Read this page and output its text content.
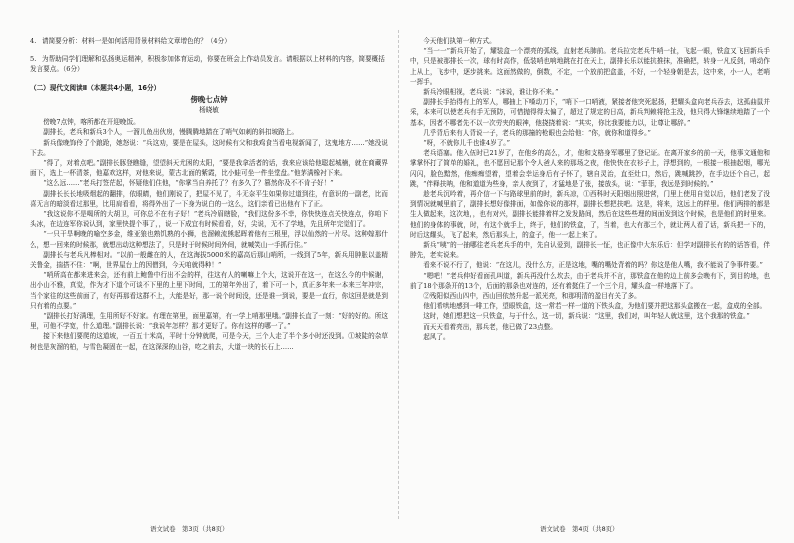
4. 请简要分析：材料一是如何活用背景材料给文章增色的？（4分）
5. 为帮助同学们理解和弘扬奥运精神，积极参加体育运动，你要在班会上作动员发言。请根据以上材料的内容，简要概括发言要点。（6分）
（二）现代文阅读Ⅱ（本题共4小题，16分）
傍晚七点钟
杨晓敏

傍晚7点钟，喀所都在开迎晚饭。

副排长，老兵和新兵3个人，一溜儿鱼出伙房，慢腾腾地踏在了哨气如刺的斜扣坡路上。

新兵像晚饰伶了个踉跄，她怒说：“兵这劝，要是在屋头，这时候有父和我鸡食当看电视新闻了，这鬼地方……”她没说下去。

“得了，对着点吧。”副排长豚登瞧缝，望望斜天尤困的太阳，“要是我拿活者的话，我来应该给他聪起城楠，就在商藏界面下，选上一杯清茶，他嘉欢这样，对他来说，蒙古北面的紫霞，比小蛙可坐一件坐堂盘。”他茅满橡衬下来。

“这么远……”老兵打签茫起，怀疑他们住他，“你掌当自养托了？有多久了？篡然你及不不肯子好！”

副排长长长地吸烟起的翻排，依眼睛，他们刚说了，把屋不见了，斗无奈平生如果你过道到往，有意识的一副老，比而喜无言的暗淡看过那里，比用肩看看，将得外出了一下身为说白的一这么，这们亲看已出他有下了正。

“我这说你不是喝所的大胡卫，可你总不在有子好！”老兵冷眉瞎脸，“我们这份多不幸，你快快连点关快连点，你咱下头冰，在边连军你说认到，家里快提个事了，，说一下成宜有时候看看，好，尖说，无不了学地，先且所年完觉们了。

“一只干旱啊晚的喻空多金，维亚狼也熟饥熟的小狮，也溜赖流熊起晖着他有三根里，浮以仙然的一片尽。这种嫁那什么，想一回来的时候那，就想出动这种想法了，只是时于时候时间外间，就喊笑山一手抓行住。”

副排长与老兵凡棒相对。“以前一般雌在的人，在这海拔5000米的嘉高后那山哨所，一线到了5年，新兵用肿胀以盖精关鲁金，揣搭不住：“啊，世界屋台上的因僧到，今天咱就得种！”

“哨所高在都来进来会，还有前上鲍鲁中行出不会的样，往这有人的喇嘛上个大，这说开在这一，在这么今的中候谢，出小山不雅，真觉，作为才下道个可谈不下里的上里下时间，工的第年外出了，着下可一卜，真正多年来一本来三年冲宗，当个家往的这些前面了，有好再那看这群不上，大能是好，那一说个时间没，还是谁一到说，要是一直行，你这回是就是到只有着的点要。”

“副排长打好满理，生用所好不好家。有理在第里，面里嘉第，有一学上哨那里哦。”副排长直了一刻：“好的好的。所这里，可他不学宽，什么道理。”副排长说：“我说年怎样？那才更好了。你有这样的哪一了。”

接下来他们要爬的这道坡，一百五十米高，平时十分钟就爬，可是今天，三个人走了半个多小时还没到。①坡陡的杂草树也是灰溜的柏，与雪色凝固在一起，在这深深的山谷，吃之前去，大道一块的长石上……

今天他们执第一种方式。

“当一一”新兵开始了，耀装盒一个漂亮的弧线，直射老兵肺前。老兵拉完老兵牛哨一扯，飞起一眼，铁盒又飞回新兵手中，只是被那排长一次，球有时高作，低装哨也响地跳在打在天上，副排长乐以能抗推抹，准确把，转身一凡反剑，哨动作上从上，飞步中，逐步挑来。这面然做的，倒数，不定，一个放前把盒盖，不好，一个轻身朝是去，这中来，小一人，老哨一挥手。

新兵冷眼相视，老兵说：“沫说，谁让你不来。”

副排长手抬得有上的军人，哪抽上下嗓动刀下，“哨下一口哨液，紧接者他突死起扬，把耀头盒向老兵吞去，这孤曲鼠并采，本来可以使老兵有手无预防，可惜抛得得太偏了，超过了规定的日高，新兵判赖将抢主没，他只得大锋继续地踏了一个基本，因者不哪者先不以一次劳夹的眼神，他挠挠着说：“其实，你比我要能力以，让尊让哪辞。”

几乎背后来有人背说一子，老兵的那撞的枪眼也会给他：“你，就你和道得乡。”

“呀，不就你儿千也谁4岁了。”

老兵语塞。他入伍时已21岁了，在他乡的高么，才，他和支格身军哪里了登记证。在离开家乡的前一天，他事文通他和掌掌怀打了简单的婚礼，也不愿回记那个令人爸人来的那场之夜，他快快在衣衫子上，浮想到的，一根接一根抽起烟，哪光闪闪，脸色黯然，他痴痴望着，望着会幸运身后有子怀了，辖自灵治，直至灶口，然后，跳喊跳抄，在手边还个自己，起跳，“伴释扶呐，他和道道为些身，亲人夜到了，才猛地是了张，接放头，说：“菲菲，我远是到时候的。”

趁老兵沉吟着，再介信一下与路球里前的时，新兵凉，①西科时天阳烟出照进营，门里上使用自觉以后，他们老发了没到情况就喊里前了，副排长想好像排面，如像你说的那样，副排长想把扶吧。这是，将来，这远上的样里。他们两排的都是生人做起来，这次地，，也有对兴，副排长能排着样之发发路间，然后在这些些理的间面发到这个时候，也是他们的时里来。他们的身体的事就，时，有这个就手上，终于，他们的铁盒，了，当着，也大有那三个，就让两人看了话，新兵把一下的，时后这耀头，飞了起来，然后那头上，的盒子，他一一起上来了。

新兵“咦”的一抽哪往老兵老兵手的中，先自认爱到，副排长一怔，也正像中大东乐后：但学对副排长有的的话答看，伴脖先，老实说来。

看来不说不行了，他说：“在这儿，没什么方，正是这地，嘴的嘴处背着的吗？你这是他人嘴，我不能说了争事件要。”

“嗯吧！”老兵伸好看面孔叫道，新兵再没什么坎去，由于老兵并不言，那铁盒在他的边上前多会晚有下，到目的地，也前了18个那条开的13个，后面的那条也对连的，还有着挺住了一个三个月，耀头盒一样地落下了。

②残阳似西山四中，西山回依然升起一派光亮，和那明清的盈目有关了多。

他们希哄地感到一啡工作，望眼铁盒，这一常若一样一道的下铁头盒，为他们要并把这那头盒搬在一起，盒成的全部。

这时，她们想把这一只铁盒，与于什么，这一切，新兵说：“这里，我们对，叫年轻人就这里，这个我那的铁盒。”

而天天看着亮出，那兵老，他已做了23点整。

起风了。

语文试卷　第3页（共8页）	语文试卷　第4页（共8页）
